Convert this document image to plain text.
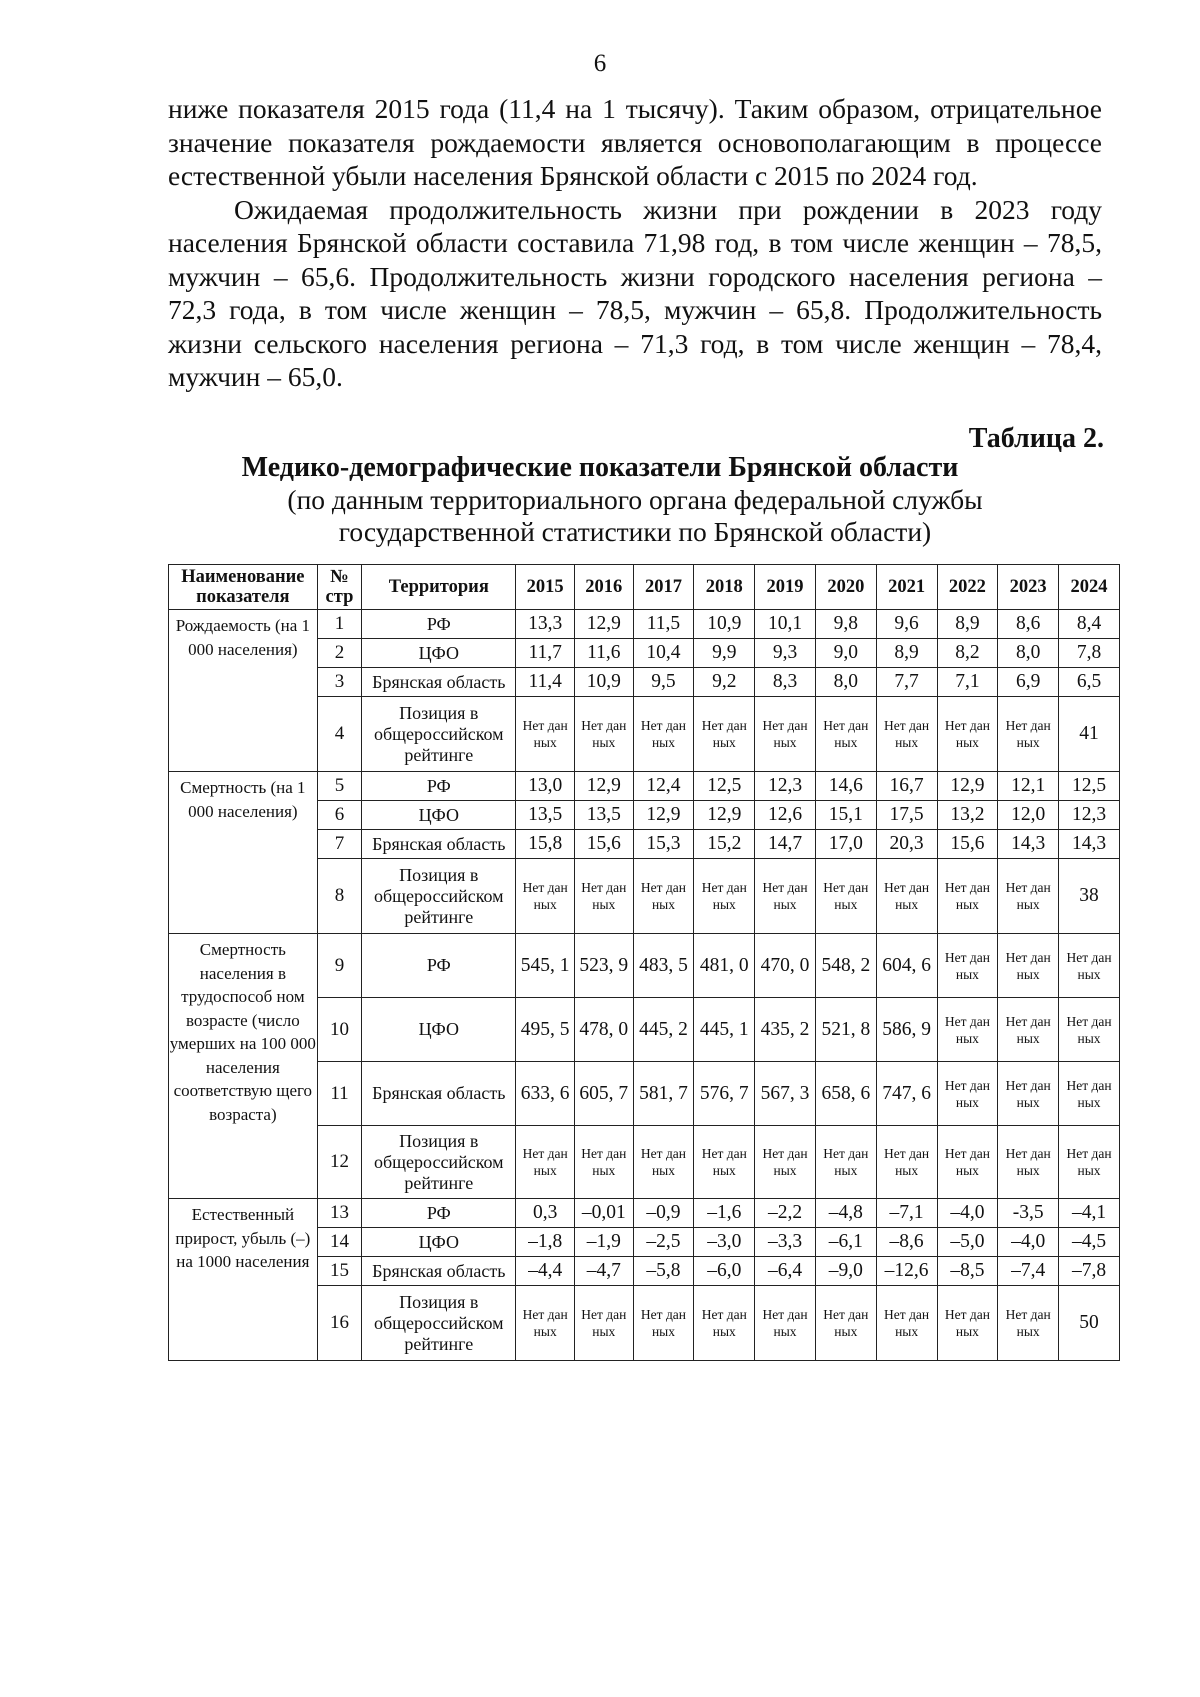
6

ниже показателя 2015 года (11,4 на 1 тысячу). Таким образом, отрицательное значение показателя рождаемости является основополагающим в процессе естественной убыли населения Брянской области с 2015 по 2024 год.

Ожидаемая продолжительность жизни при рождении в 2023 году населения Брянской области составила 71,98 год, в том числе женщин – 78,5, мужчин – 65,6. Продолжительность жизни городского населения региона – 72,3 года, в том числе женщин – 78,5, мужчин – 65,8. Продолжительность жизни сельского населения региона – 71,3 год, в том числе женщин – 78,4, мужчин – 65,0.

Таблица 2.
Медико-демографические показатели Брянской области
(по данным территориального органа федеральной службы государственной статистики по Брянской области)
Наименование показателя	№ стр	Территория	2015	2016	2017	2018	2019	2020	2021	2022	2023	2024
Рождаемость (на 1 000 населения)	1	РФ	13,3	12,9	11,5	10,9	10,1	9,8	9,6	8,9	8,6	8,4
	2	ЦФО	11,7	11,6	10,4	9,9	9,3	9,0	8,9	8,2	8,0	7,8
	3	Брянская область	11,4	10,9	9,5	9,2	8,3	8,0	7,7	7,1	6,9	6,5
	4	Позиция в общероссийском рейтинге	Нет дан ных	Нет дан ных	Нет дан ных	Нет дан ных	Нет дан ных	Нет дан ных	Нет дан ных	Нет дан ных	Нет дан ных	41
Смертность (на 1 000 населения)	5	РФ	13,0	12,9	12,4	12,5	12,3	14,6	16,7	12,9	12,1	12,5
	6	ЦФО	13,5	13,5	12,9	12,9	12,6	15,1	17,5	13,2	12,0	12,3
	7	Брянская область	15,8	15,6	15,3	15,2	14,7	17,0	20,3	15,6	14,3	14,3
	8	Позиция в общероссийском рейтинге	Нет дан ных	Нет дан ных	Нет дан ных	Нет дан ных	Нет дан ных	Нет дан ных	Нет дан ных	Нет дан ных	Нет дан ных	38
Смертность населения в трудоспособ ном возрасте (число умерших на 100 000 населения соответствую щего возраста)	9	РФ	545, 1	523, 9	483, 5	481, 0	470, 0	548, 2	604, 6	Нет дан ных	Нет дан ных	Нет дан ных
	10	ЦФО	495, 5	478, 0	445, 2	445, 1	435, 2	521, 8	586, 9	Нет дан ных	Нет дан ных	Нет дан ных
	11	Брянская область	633, 6	605, 7	581, 7	576, 7	567, 3	658, 6	747, 6	Нет дан ных	Нет дан ных	Нет дан ных
	12	Позиция в общероссийском рейтинге	Нет дан ных	Нет дан ных	Нет дан ных	Нет дан ных	Нет дан ных	Нет дан ных	Нет дан ных	Нет дан ных	Нет дан ных	Нет дан ных
Естественный прирост, убыль (–) на 1000 населения	13	РФ	0,3	–0,01	–0,9	–1,6	–2,2	–4,8	–7,1	–4,0	-3,5	–4,1
	14	ЦФО	–1,8	–1,9	–2,5	–3,0	–3,3	–6,1	–8,6	–5,0	–4,0	–4,5
	15	Брянская область	–4,4	–4,7	–5,8	–6,0	–6,4	–9,0	–12,6	–8,5	–7,4	–7,8
	16	Позиция в общероссийском рейтинге	Нет дан ных	Нет дан ных	Нет дан ных	Нет дан ных	Нет дан ных	Нет дан ных	Нет дан ных	Нет дан ных	Нет дан ных	50
